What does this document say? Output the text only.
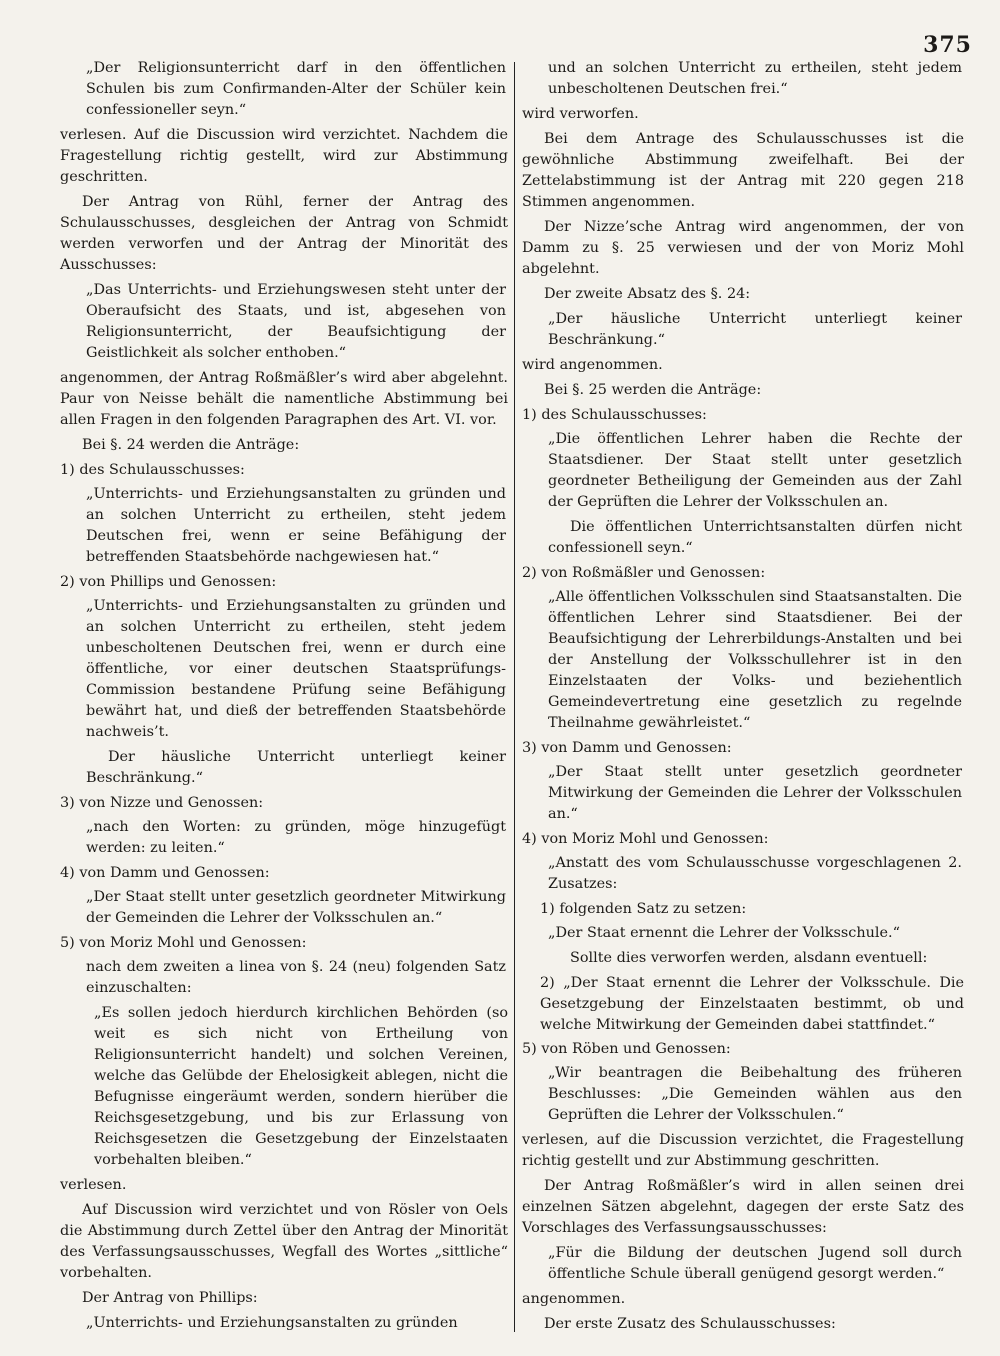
375

„Der Religionsunterricht darf in den öffentlichen Schulen bis zum Confirmanden-Alter der Schüler kein confessioneller seyn.“

verlesen. Auf die Discussion wird verzichtet. Nachdem die Fragestellung richtig gestellt, wird zur Abstimmung geschritten.

Der Antrag von Rühl, ferner der Antrag des Schulausschusses, desgleichen der Antrag von Schmidt werden verworfen und der Antrag der Minorität des Ausschusses:

„Das Unterrichts- und Erziehungswesen steht unter der Oberaufsicht des Staats, und ist, abgesehen von Religionsunterricht, der Beaufsichtigung der Geistlichkeit als solcher enthoben.“

angenommen, der Antrag Roßmäßler’s wird aber abgelehnt. Paur von Neisse behält die namentliche Abstimmung bei allen Fragen in den folgenden Paragraphen des Art. VI. vor.

Bei §. 24 werden die Anträge:

1) des Schulausschusses:

„Unterrichts- und Erziehungsanstalten zu gründen und an solchen Unterricht zu ertheilen, steht jedem Deutschen frei, wenn er seine Befähigung der betreffenden Staatsbehörde nachgewiesen hat.“

2) von Phillips und Genossen:

„Unterrichts- und Erziehungsanstalten zu gründen und an solchen Unterricht zu ertheilen, steht jedem unbescholtenen Deutschen frei, wenn er durch eine öffentliche, vor einer deutschen Staatsprüfungs-Commission bestandene Prüfung seine Befähigung bewährt hat, und dieß der betreffenden Staatsbehörde nachweis’t.

Der häusliche Unterricht unterliegt keiner Beschränkung.“

3) von Nizze und Genossen:

„nach den Worten: zu gründen, möge hinzugefügt werden: zu leiten.“

4) von Damm und Genossen:

„Der Staat stellt unter gesetzlich geordneter Mitwirkung der Gemeinden die Lehrer der Volksschulen an.“

5) von Moriz Mohl und Genossen:

nach dem zweiten a linea von §. 24 (neu) folgenden Satz einzuschalten:

„Es sollen jedoch hierdurch kirchlichen Behörden (so weit es sich nicht von Ertheilung von Religionsunterricht handelt) und solchen Vereinen, welche das Gelübde der Ehelosigkeit ablegen, nicht die Befugnisse eingeräumt werden, sondern hierüber die Reichsgesetzgebung, und bis zur Erlassung von Reichsgesetzen die Gesetzgebung der Einzelstaaten vorbehalten bleiben.“

verlesen.

Auf Discussion wird verzichtet und von Rösler von Oels die Abstimmung durch Zettel über den Antrag der Minorität des Verfassungsausschusses, Wegfall des Wortes „sittliche“ vorbehalten.

Der Antrag von Phillips:

„Unterrichts- und Erziehungsanstalten zu gründen

und an solchen Unterricht zu ertheilen, steht jedem unbescholtenen Deutschen frei.“

wird verworfen.

Bei dem Antrage des Schulausschusses ist die gewöhnliche Abstimmung zweifelhaft. Bei der Zettelabstimmung ist der Antrag mit 220 gegen 218 Stimmen angenommen.

Der Nizze’sche Antrag wird angenommen, der von Damm zu §. 25 verwiesen und der von Moriz Mohl abgelehnt.

Der zweite Absatz des §. 24:

„Der häusliche Unterricht unterliegt keiner Beschränkung.“

wird angenommen.

Bei §. 25 werden die Anträge:

1) des Schulausschusses:

„Die öffentlichen Lehrer haben die Rechte der Staatsdiener. Der Staat stellt unter gesetzlich geordneter Betheiligung der Gemeinden aus der Zahl der Geprüften die Lehrer der Volksschulen an.

Die öffentlichen Unterrichtsanstalten dürfen nicht confessionell seyn.“

2) von Roßmäßler und Genossen:

„Alle öffentlichen Volksschulen sind Staatsanstalten. Die öffentlichen Lehrer sind Staatsdiener. Bei der Beaufsichtigung der Lehrerbildungs-Anstalten und bei der Anstellung der Volksschullehrer ist in den Einzelstaaten der Volks- und beziehentlich Gemeindevertretung eine gesetzlich zu regelnde Theilnahme gewährleistet.“

3) von Damm und Genossen:

„Der Staat stellt unter gesetzlich geordneter Mitwirkung der Gemeinden die Lehrer der Volksschulen an.“

4) von Moriz Mohl und Genossen:

„Anstatt des vom Schulausschusse vorgeschlagenen 2. Zusatzes:

1) folgenden Satz zu setzen:

„Der Staat ernennt die Lehrer der Volksschule.“

Sollte dies verworfen werden, alsdann eventuell:

2) „Der Staat ernennt die Lehrer der Volksschule. Die Gesetzgebung der Einzelstaaten bestimmt, ob und welche Mitwirkung der Gemeinden dabei stattfindet.“

5) von Röben und Genossen:

„Wir beantragen die Beibehaltung des früheren Beschlusses: „Die Gemeinden wählen aus den Geprüften die Lehrer der Volksschulen.“

verlesen, auf die Discussion verzichtet, die Fragestellung richtig gestellt und zur Abstimmung geschritten.

Der Antrag Roßmäßler’s wird in allen seinen drei einzelnen Sätzen abgelehnt, dagegen der erste Satz des Vorschlages des Verfassungsausschusses:

„Für die Bildung der deutschen Jugend soll durch öffentliche Schule überall genügend gesorgt werden.“

angenommen.

Der erste Zusatz des Schulausschusses:
